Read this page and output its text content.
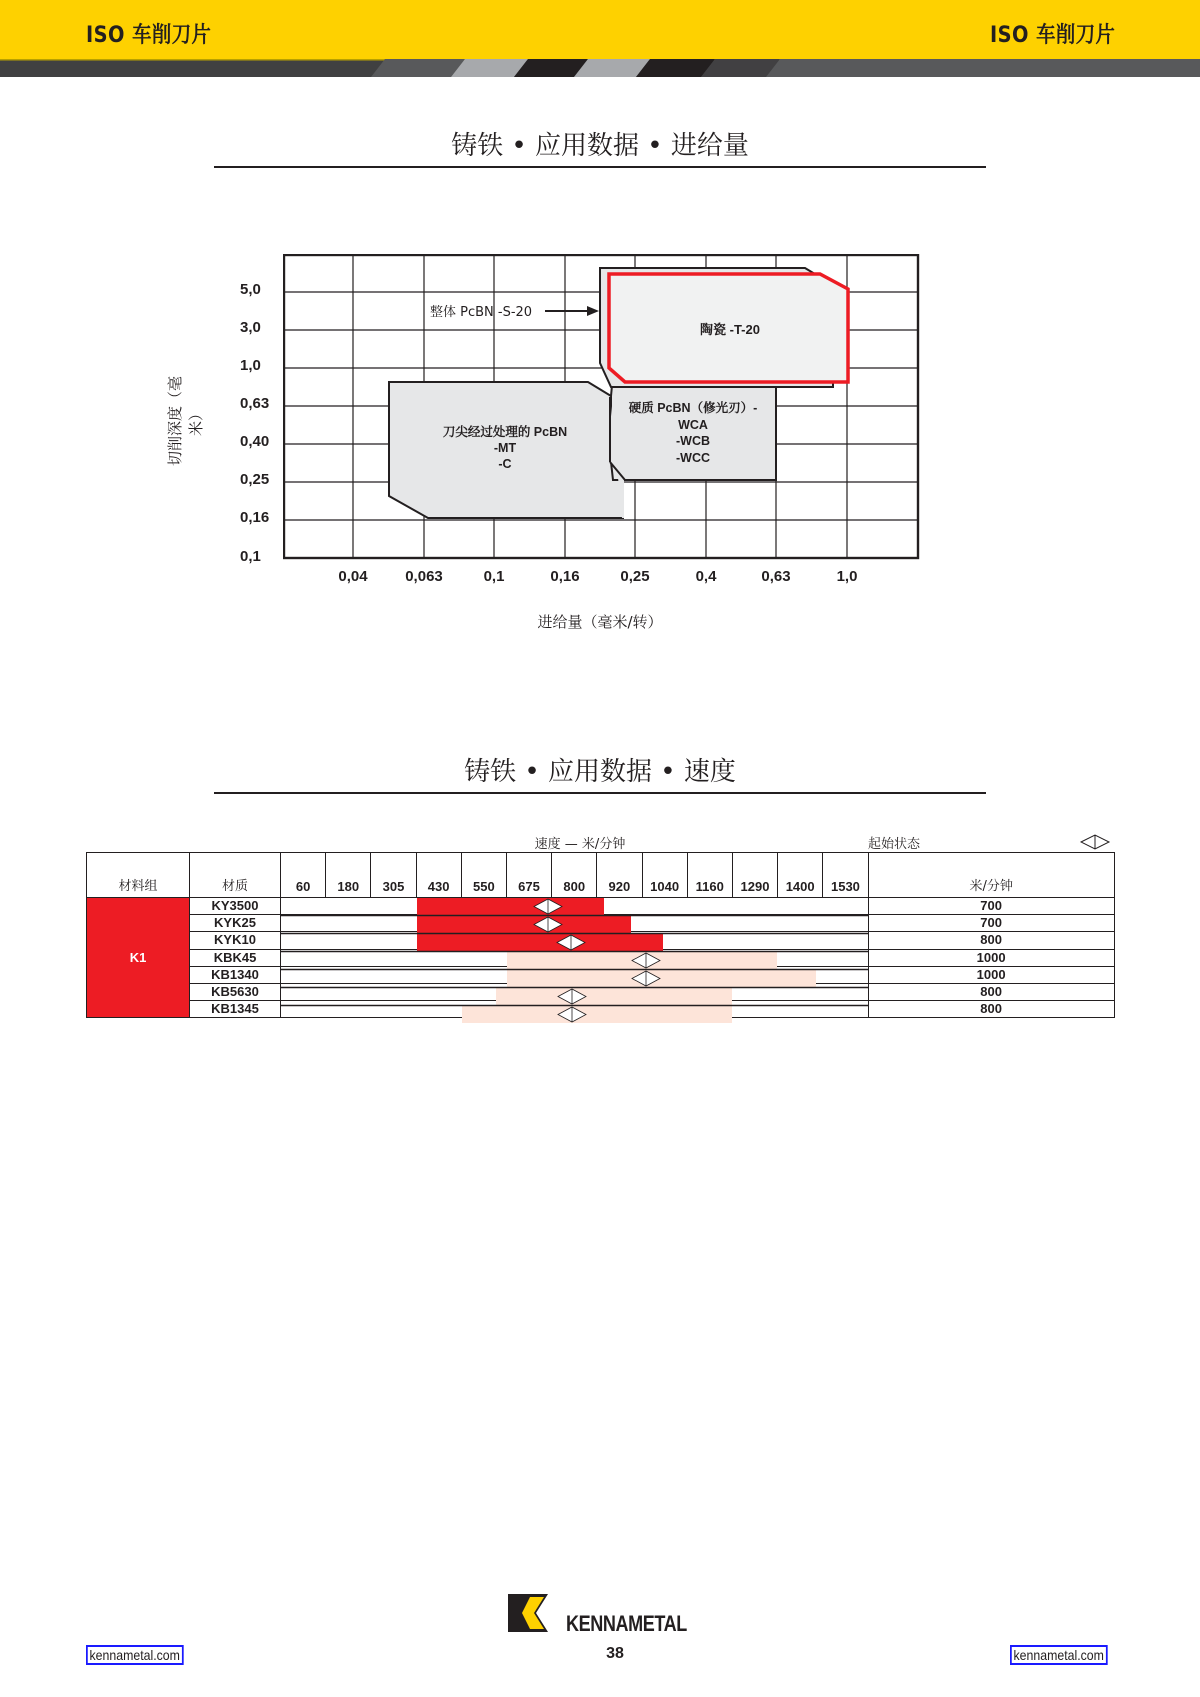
ISO 车削刀片	ISO 车削刀片
铸铁 • 应用数据 • 进给量
切削深度（毫米）
5,0
3,0
1,0
0,63
0,40
0,25
0,16
0,1
整体 PcBN -S-20
陶瓷 -T-20
刀尖经过处理的 PcBN
-MT
-C
硬质 PcBN（修光刃）-
WCA
-WCB
-WCC
0,04	0,063	0,1	0,16	0,25	0,4	0,63	1,0
进给量（毫米/转）
铸铁 • 应用数据 • 速度
速度 — 米/分钟	起始状态
材料组	材质	60	180	305	430	550	675	800	920	1040	1160	1290	1400	1530	米/分钟
K1	KY3500														700
	KYK25														700
	KYK10														800
	KBK45														1000
	KB1340														1000
	KB5630														800
	KB1345														800
KENNAMETAL
kennametal.com	38	kennametal.com
